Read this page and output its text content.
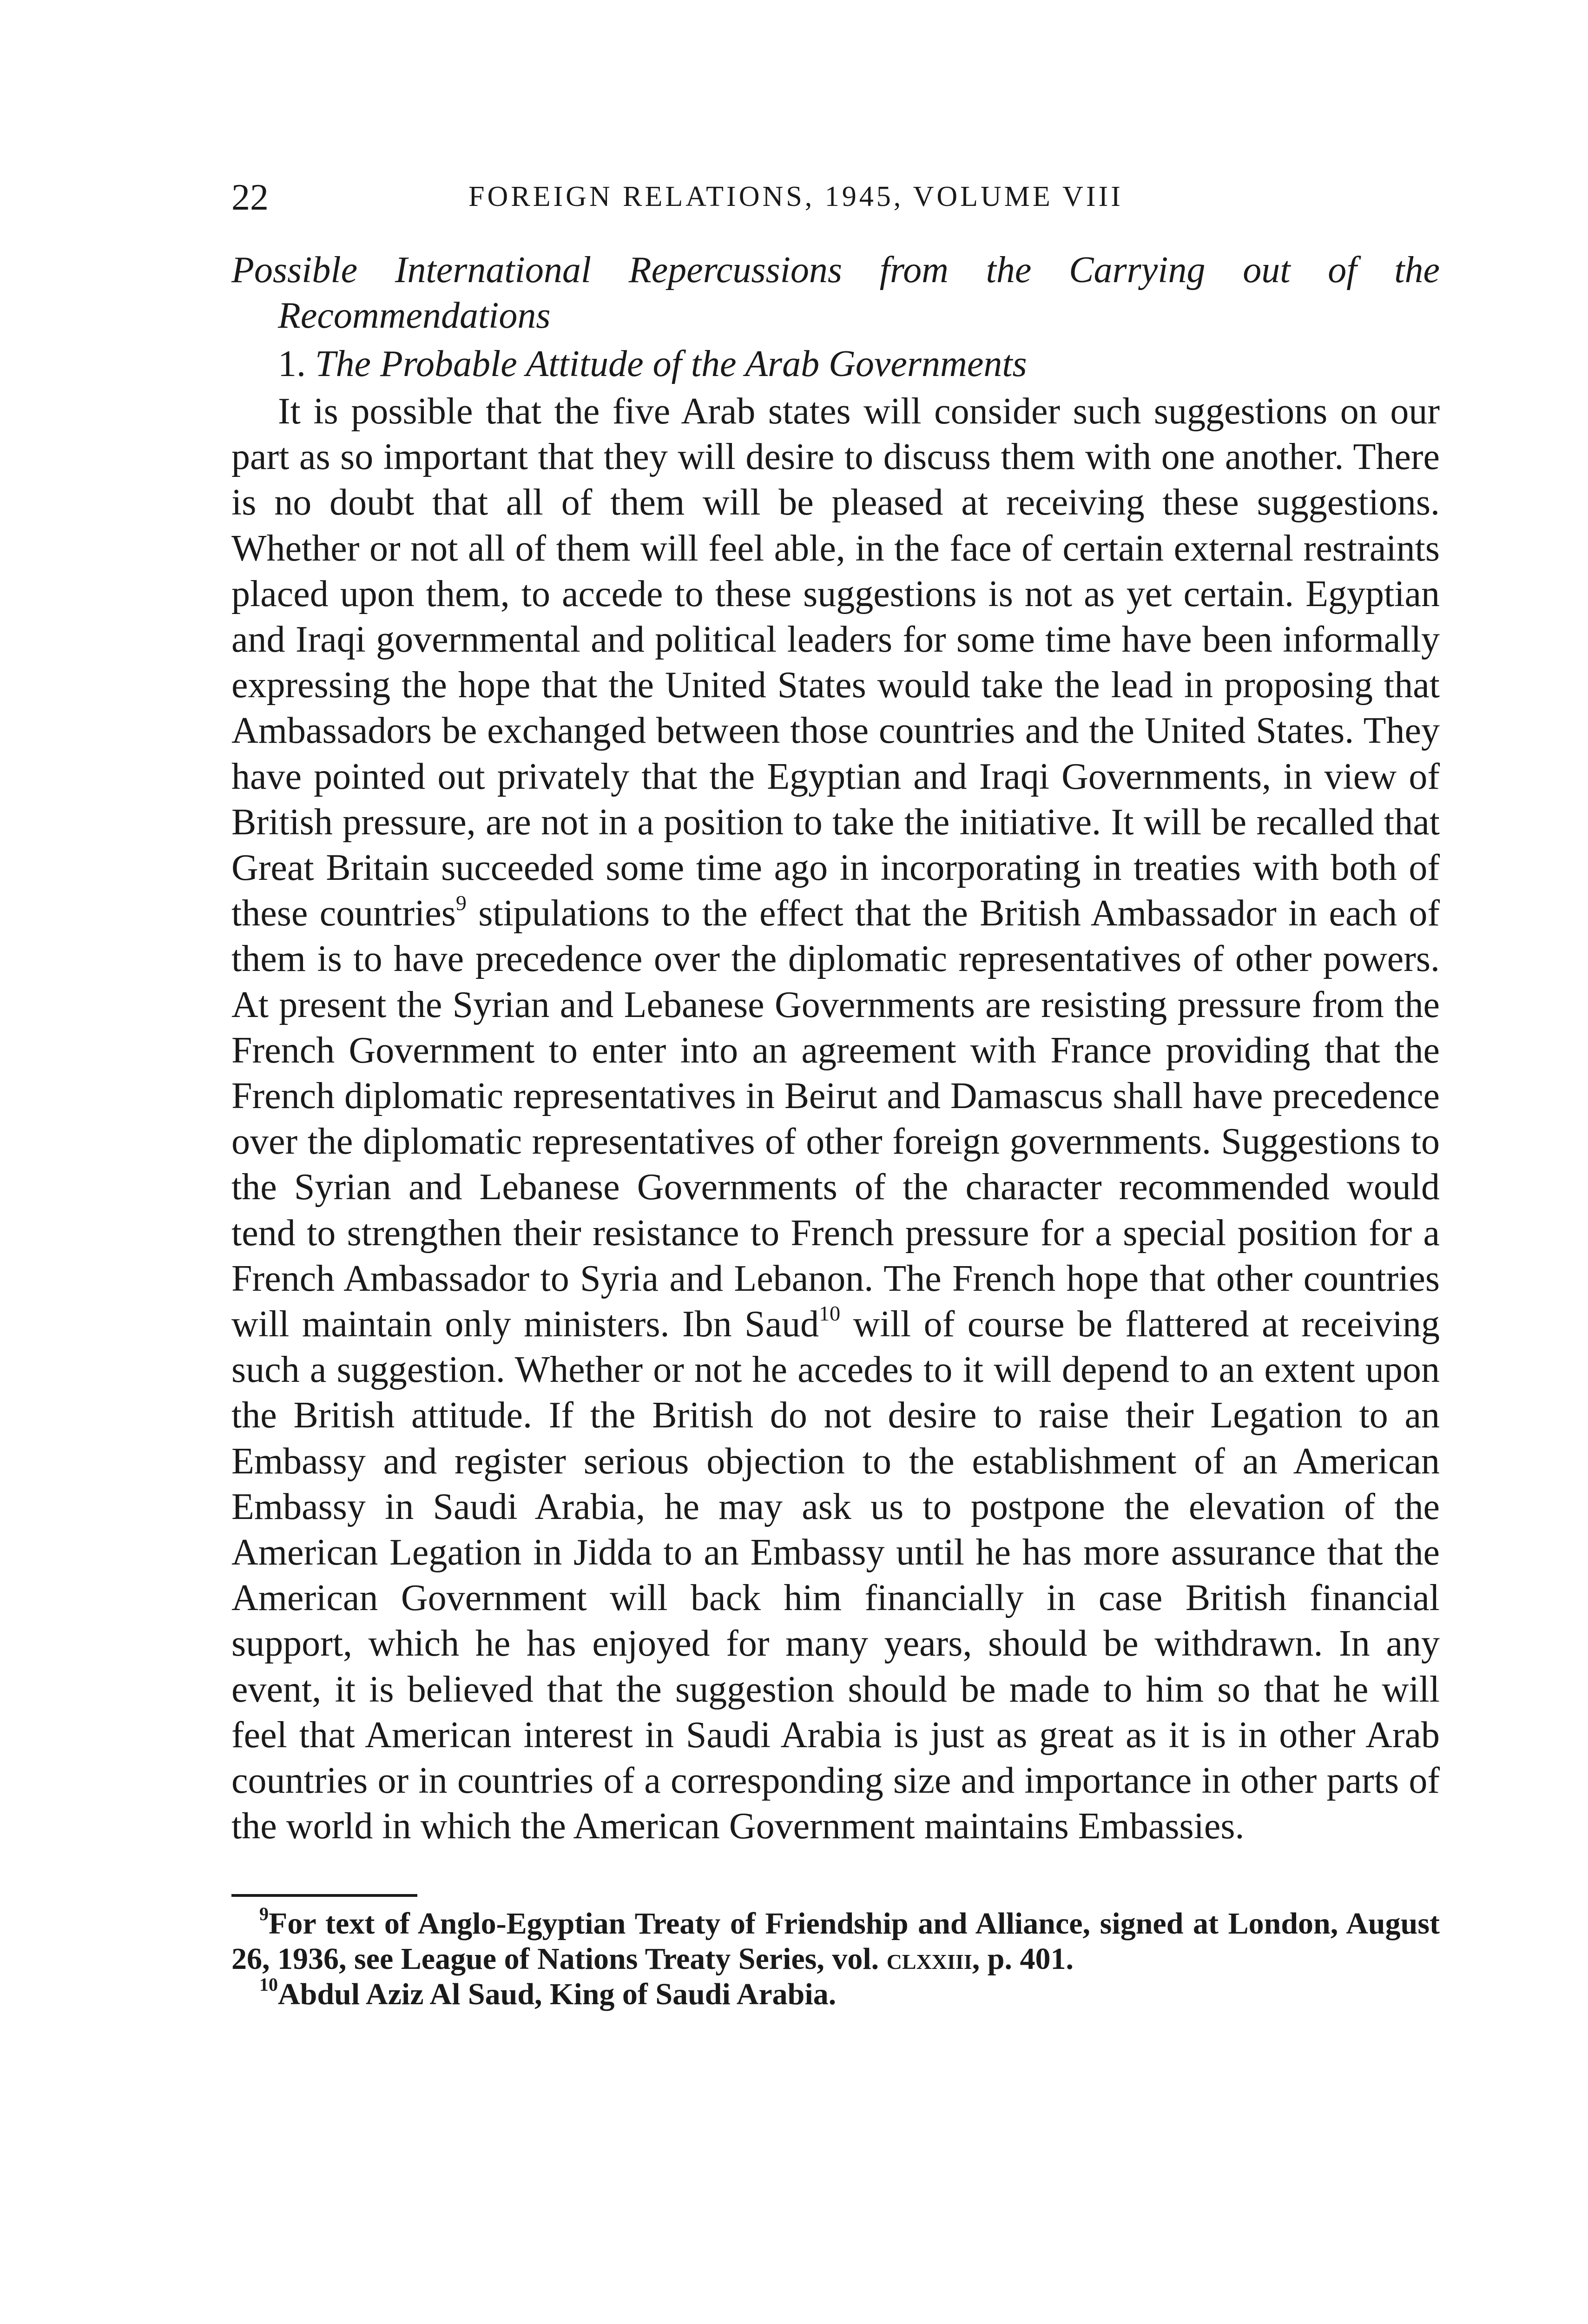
22	FOREIGN RELATIONS, 1945, VOLUME VIII
Possible International Repercussions from the Carrying out of the Recommendations
1. The Probable Attitude of the Arab Governments

It is possible that the five Arab states will consider such suggestions on our part as so important that they will desire to discuss them with one another. There is no doubt that all of them will be pleased at receiving these suggestions. Whether or not all of them will feel able, in the face of certain external restraints placed upon them, to accede to these suggestions is not as yet certain. Egyptian and Iraqi governmental and political leaders for some time have been informally expressing the hope that the United States would take the lead in proposing that Ambassadors be exchanged between those countries and the United States. They have pointed out privately that the Egyptian and Iraqi Governments, in view of British pressure, are not in a position to take the initiative. It will be recalled that Great Britain succeeded some time ago in incorporating in treaties with both of these countries$^9$ stipulations to the effect that the British Ambassador in each of them is to have precedence over the diplomatic representatives of other powers. At present the Syrian and Lebanese Governments are resisting pressure from the French Government to enter into an agreement with France providing that the French diplomatic representatives in Beirut and Damascus shall have precedence over the diplomatic representatives of other foreign governments. Suggestions to the Syrian and Lebanese Governments of the character recommended would tend to strengthen their resistance to French pressure for a special position for a French Ambassador to Syria and Lebanon. The French hope that other countries will maintain only ministers. Ibn Saud$^{10}$ will of course be flattered at receiving such a suggestion. Whether or not he accedes to it will depend to an extent upon the British attitude. If the British do not desire to raise their Legation to an Embassy and register serious objection to the establishment of an American Embassy in Saudi Arabia, he may ask us to postpone the elevation of the American Legation in Jidda to an Embassy until he has more assurance that the American Government will back him financially in case British financial support, which he has enjoyed for many years, should be withdrawn. In any event, it is believed that the suggestion should be made to him so that he will feel that American interest in Saudi Arabia is just as great as it is in other Arab countries or in countries of a corresponding size and importance in other parts of the world in which the American Government maintains Embassies.

$^9$For text of Anglo-Egyptian Treaty of Friendship and Alliance, signed at London, August 26, 1936, see League of Nations Treaty Series, vol. clxxiii, p. 401.

$^{10}$Abdul Aziz Al Saud, King of Saudi Arabia.
